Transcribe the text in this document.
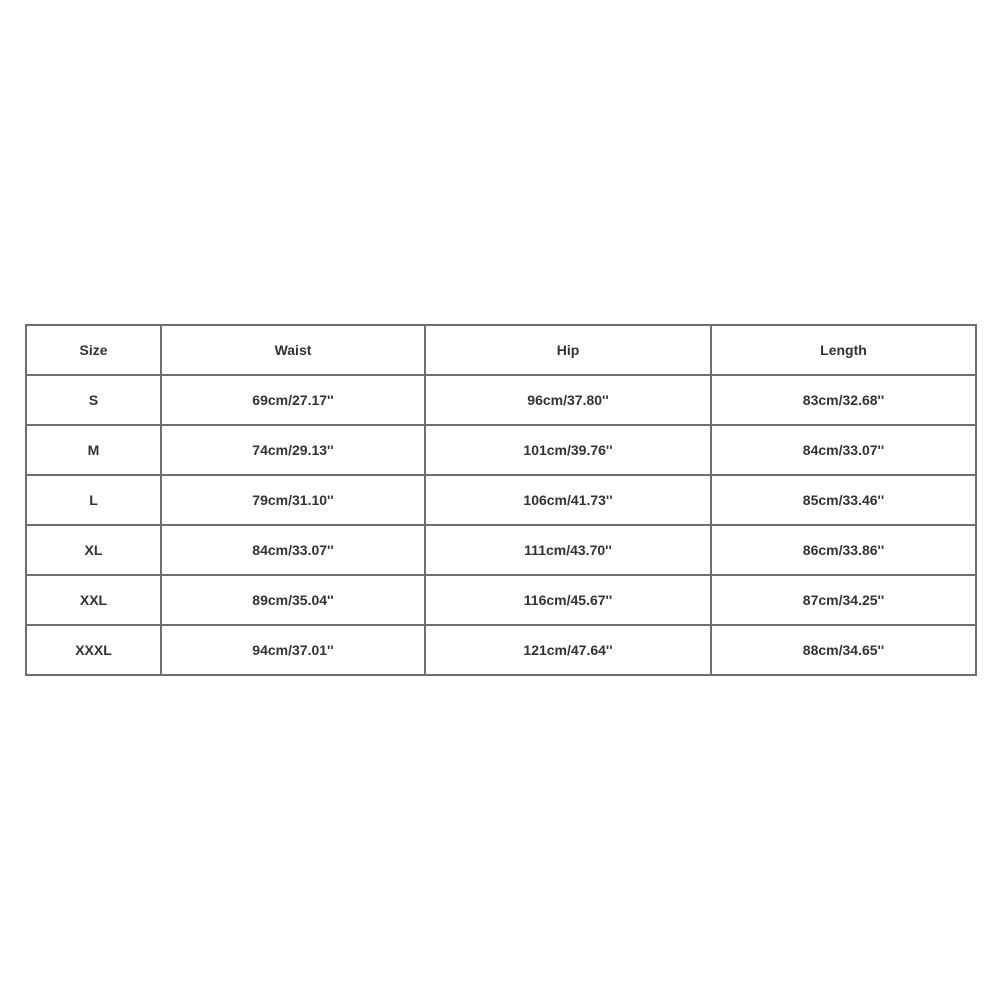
Size	Waist	Hip	Length
S	69cm/27.17''	96cm/37.80''	83cm/32.68''
M	74cm/29.13''	101cm/39.76''	84cm/33.07''
L	79cm/31.10''	106cm/41.73''	85cm/33.46''
XL	84cm/33.07''	111cm/43.70''	86cm/33.86''
XXL	89cm/35.04''	116cm/45.67''	87cm/34.25''
XXXL	94cm/37.01''	121cm/47.64''	88cm/34.65''
